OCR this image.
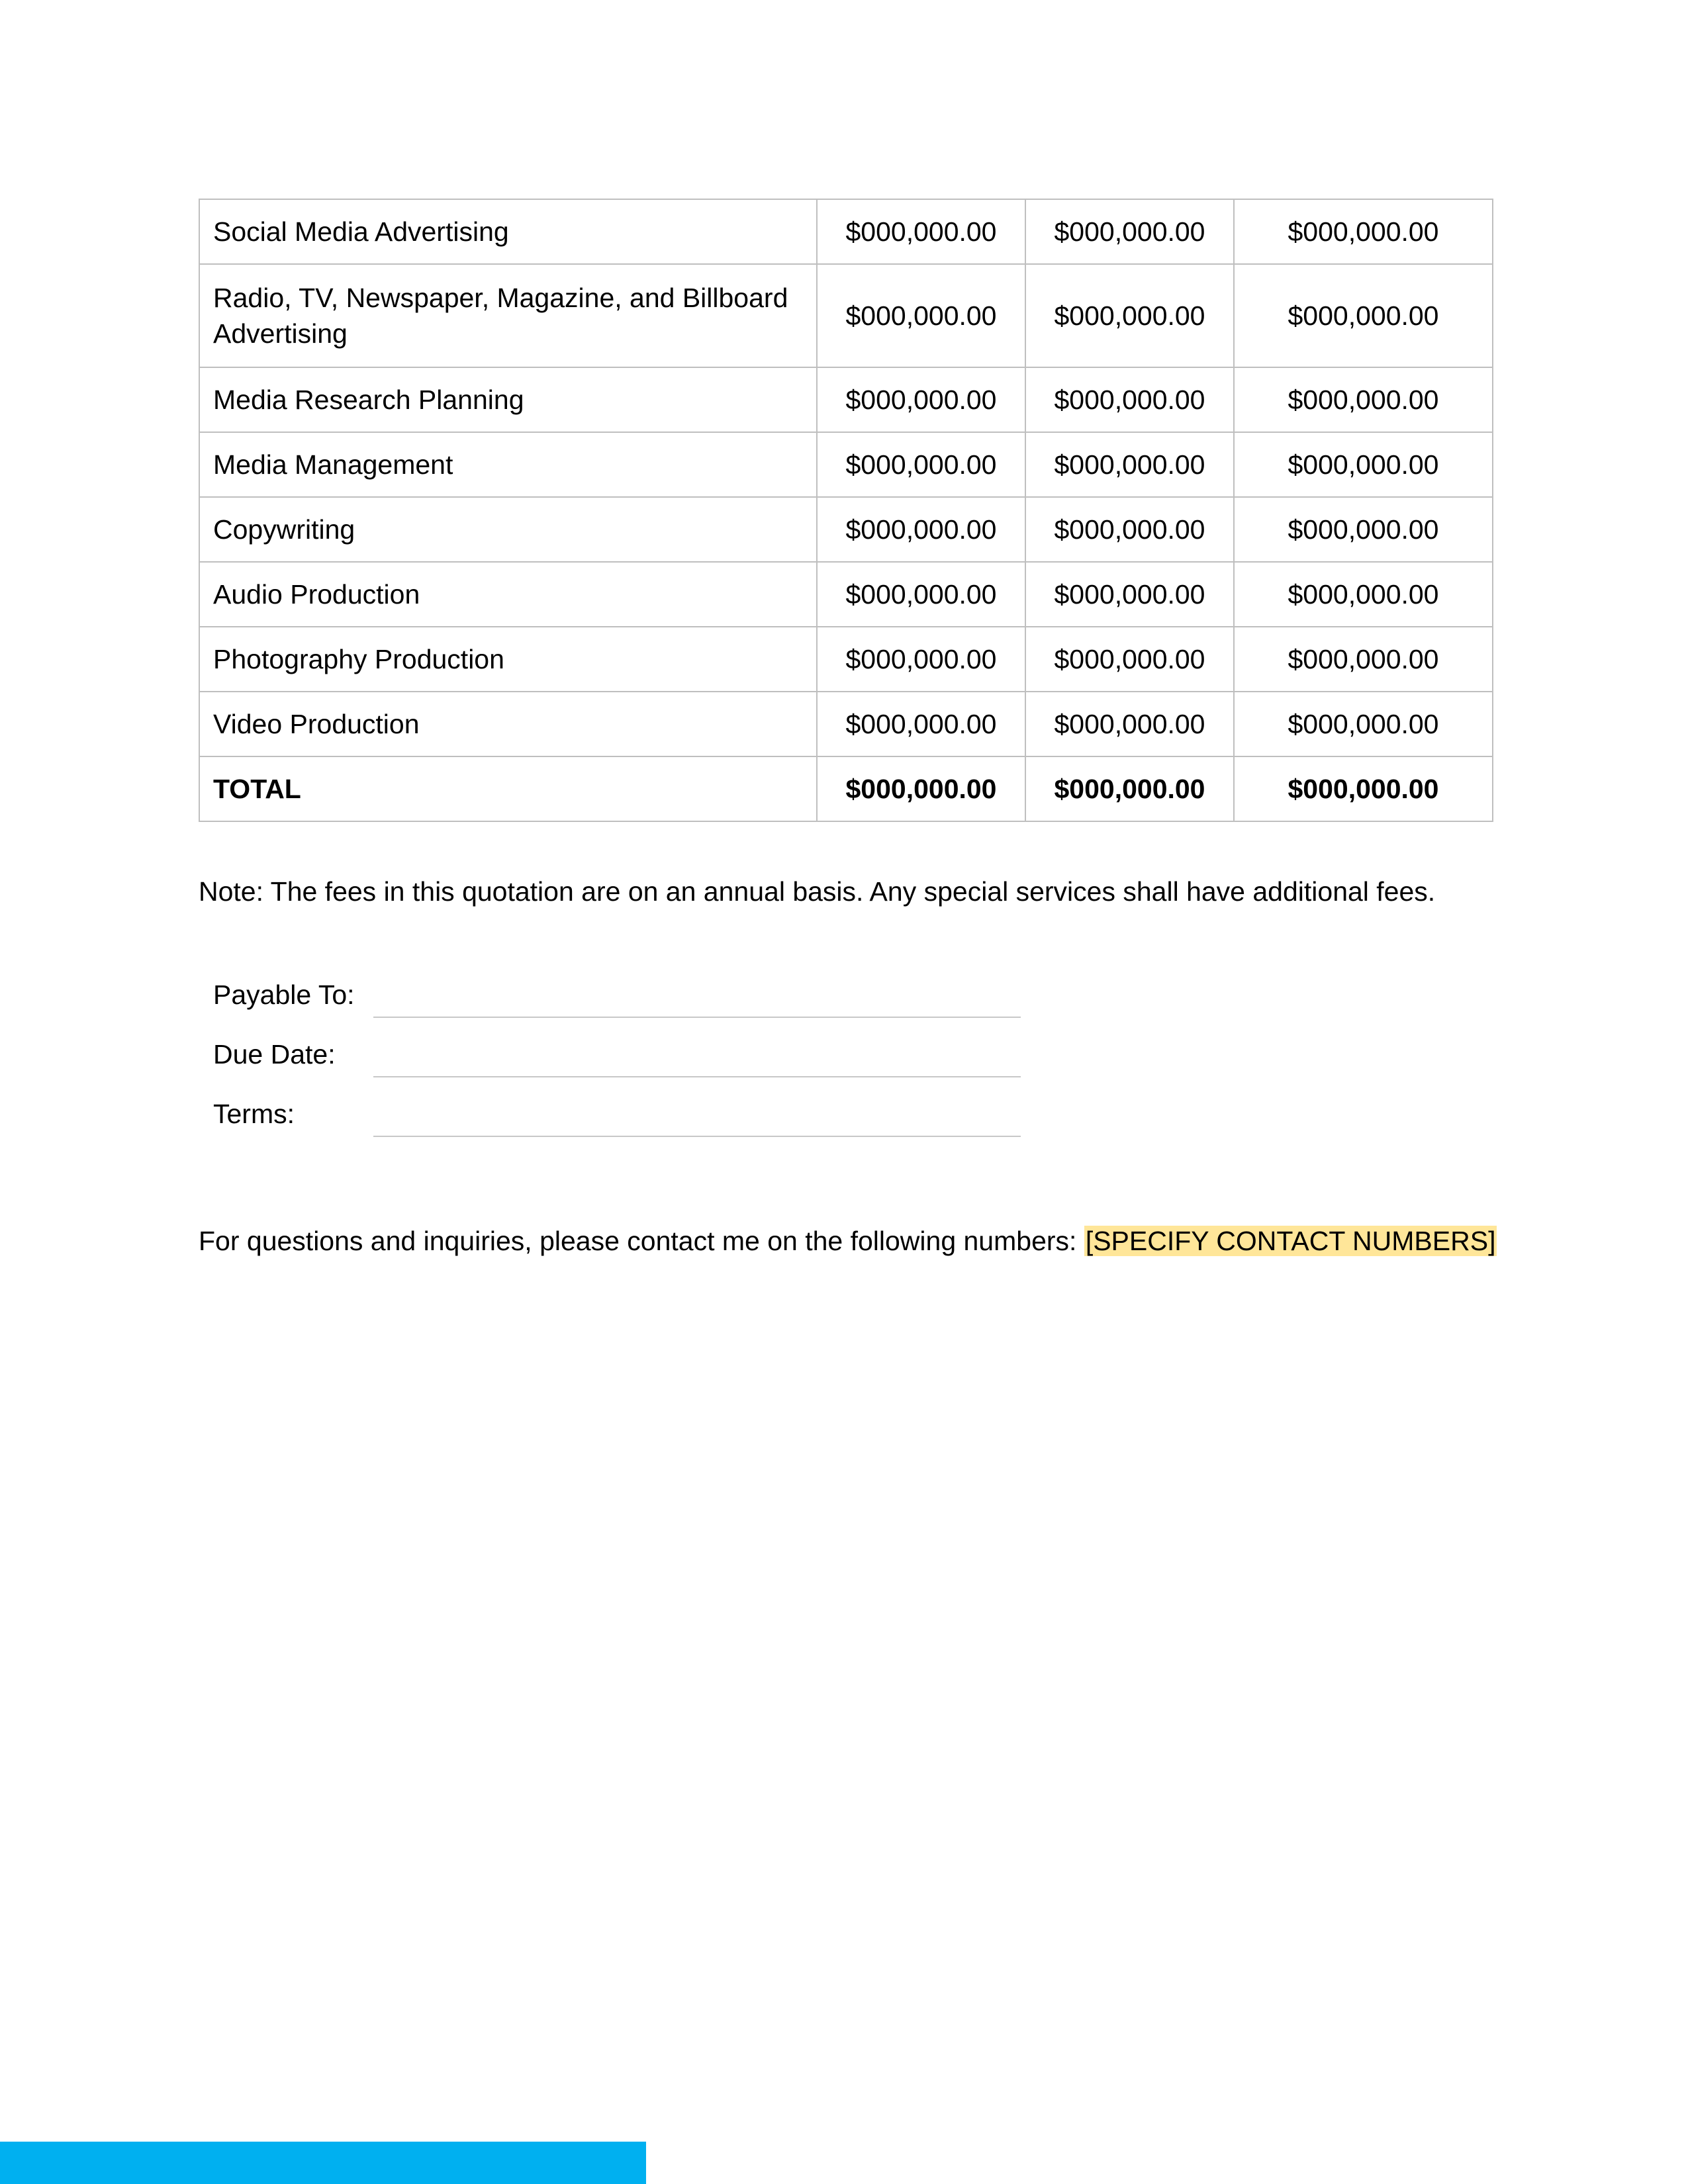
Social Media Advertising	$000,000.00	$000,000.00	$000,000.00
Radio, TV, Newspaper, Magazine, and Billboard Advertising	$000,000.00	$000,000.00	$000,000.00
Media Research Planning	$000,000.00	$000,000.00	$000,000.00
Media Management	$000,000.00	$000,000.00	$000,000.00
Copywriting	$000,000.00	$000,000.00	$000,000.00
Audio Production	$000,000.00	$000,000.00	$000,000.00
Photography Production	$000,000.00	$000,000.00	$000,000.00
Video Production	$000,000.00	$000,000.00	$000,000.00
TOTAL	$000,000.00	$000,000.00	$000,000.00

Note: The fees in this quotation are on an annual basis. Any special services shall have additional fees.

Payable To:
Due Date:
Terms:

For questions and inquiries, please contact me on the following numbers: [SPECIFY CONTACT NUMBERS]
